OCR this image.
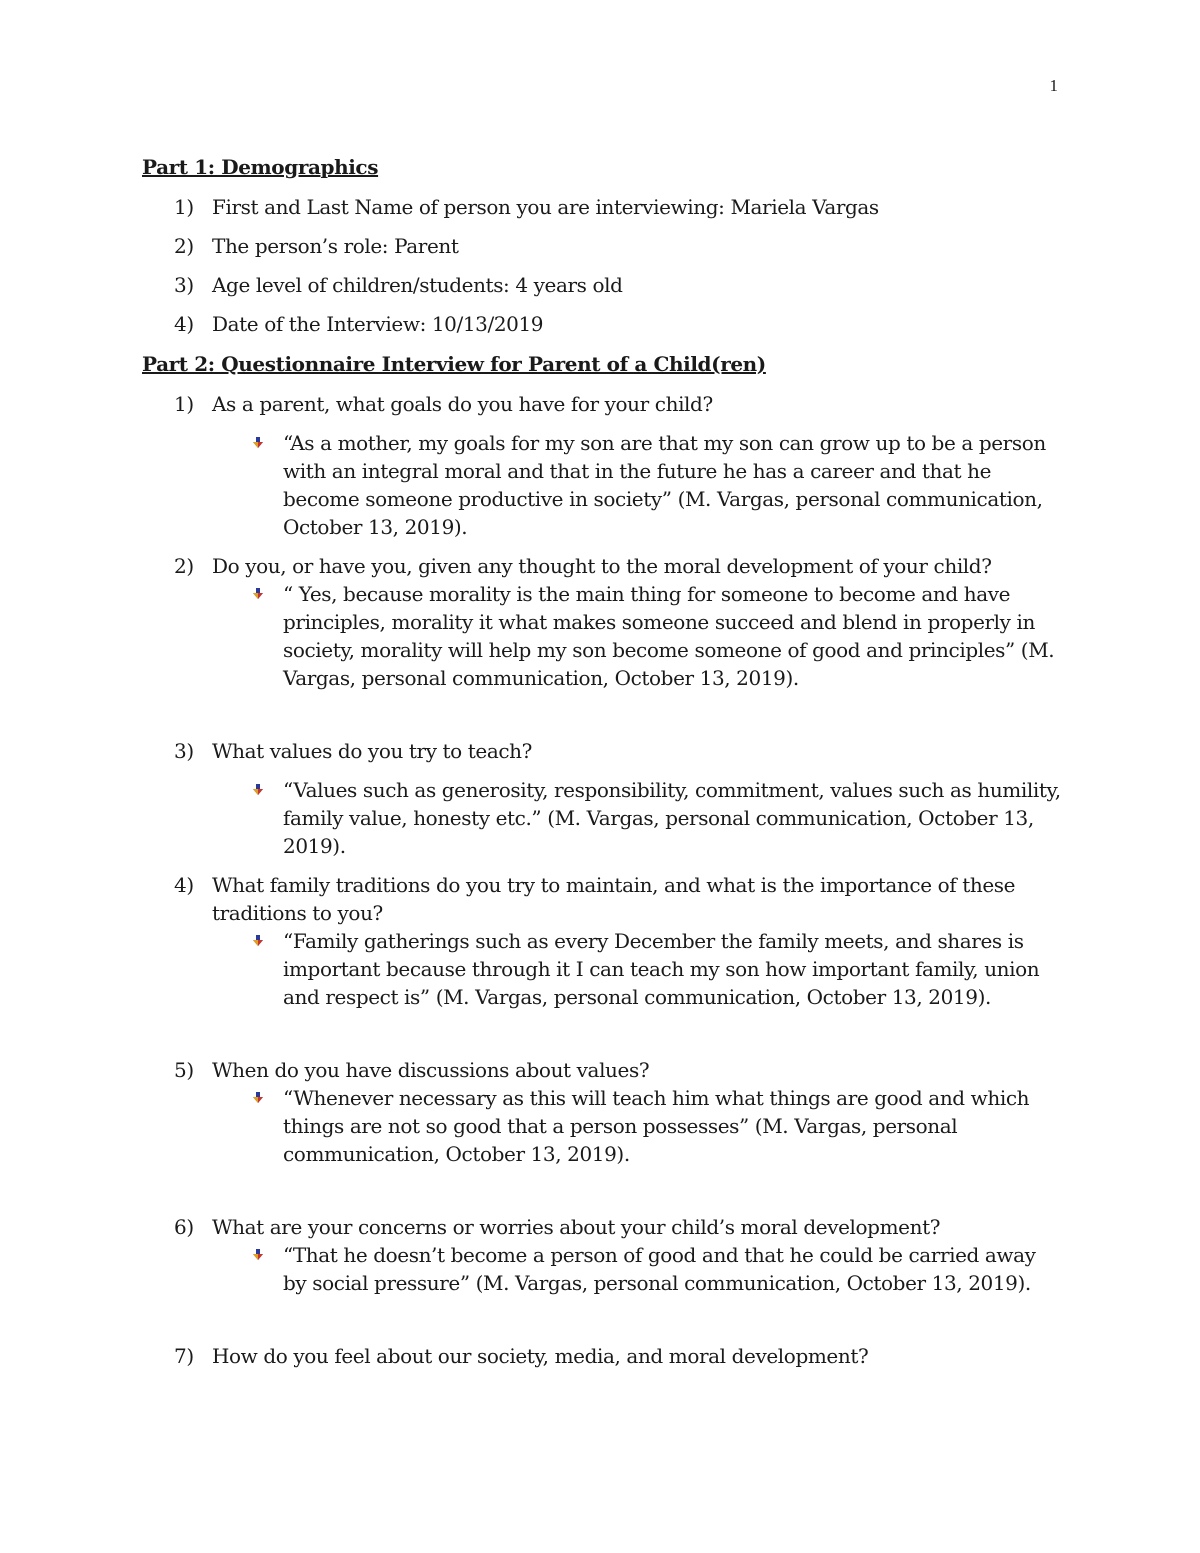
1

Part 1: Demographics

1) First and Last Name of person you are interviewing: Mariela Vargas

2) The person’s role: Parent

3) Age level of children/students: 4 years old

4) Date of the Interview: 10/13/2019

Part 2: Questionnaire Interview for Parent of a Child(ren)

1) As a parent, what goals do you have for your child?

“As a mother, my goals for my son are that my son can grow up to be a person with an integral moral and that in the future he has a career and that he become someone productive in society” (M. Vargas, personal communication, October 13, 2019).

2) Do you, or have you, given any thought to the moral development of your child?

“ Yes, because morality is the main thing for someone to become and have principles, morality it what makes someone succeed and blend in properly in society, morality will help my son become someone of good and principles” (M. Vargas, personal communication, October 13, 2019).

3) What values do you try to teach?

“Values such as generosity, responsibility, commitment, values such as humility, family value, honesty etc.” (M. Vargas, personal communication, October 13, 2019).

4) What family traditions do you try to maintain, and what is the importance of these traditions to you?

“Family gatherings such as every December the family meets, and shares is important because through it I can teach my son how important family, union and respect is” (M. Vargas, personal communication, October 13, 2019).

5) When do you have discussions about values?

“Whenever necessary as this will teach him what things are good and which things are not so good that a person possesses” (M. Vargas, personal communication, October 13, 2019).

6) What are your concerns or worries about your child’s moral development?

“That he doesn’t become a person of good and that he could be carried away by social pressure” (M. Vargas, personal communication, October 13, 2019).

7) How do you feel about our society, media, and moral development?
